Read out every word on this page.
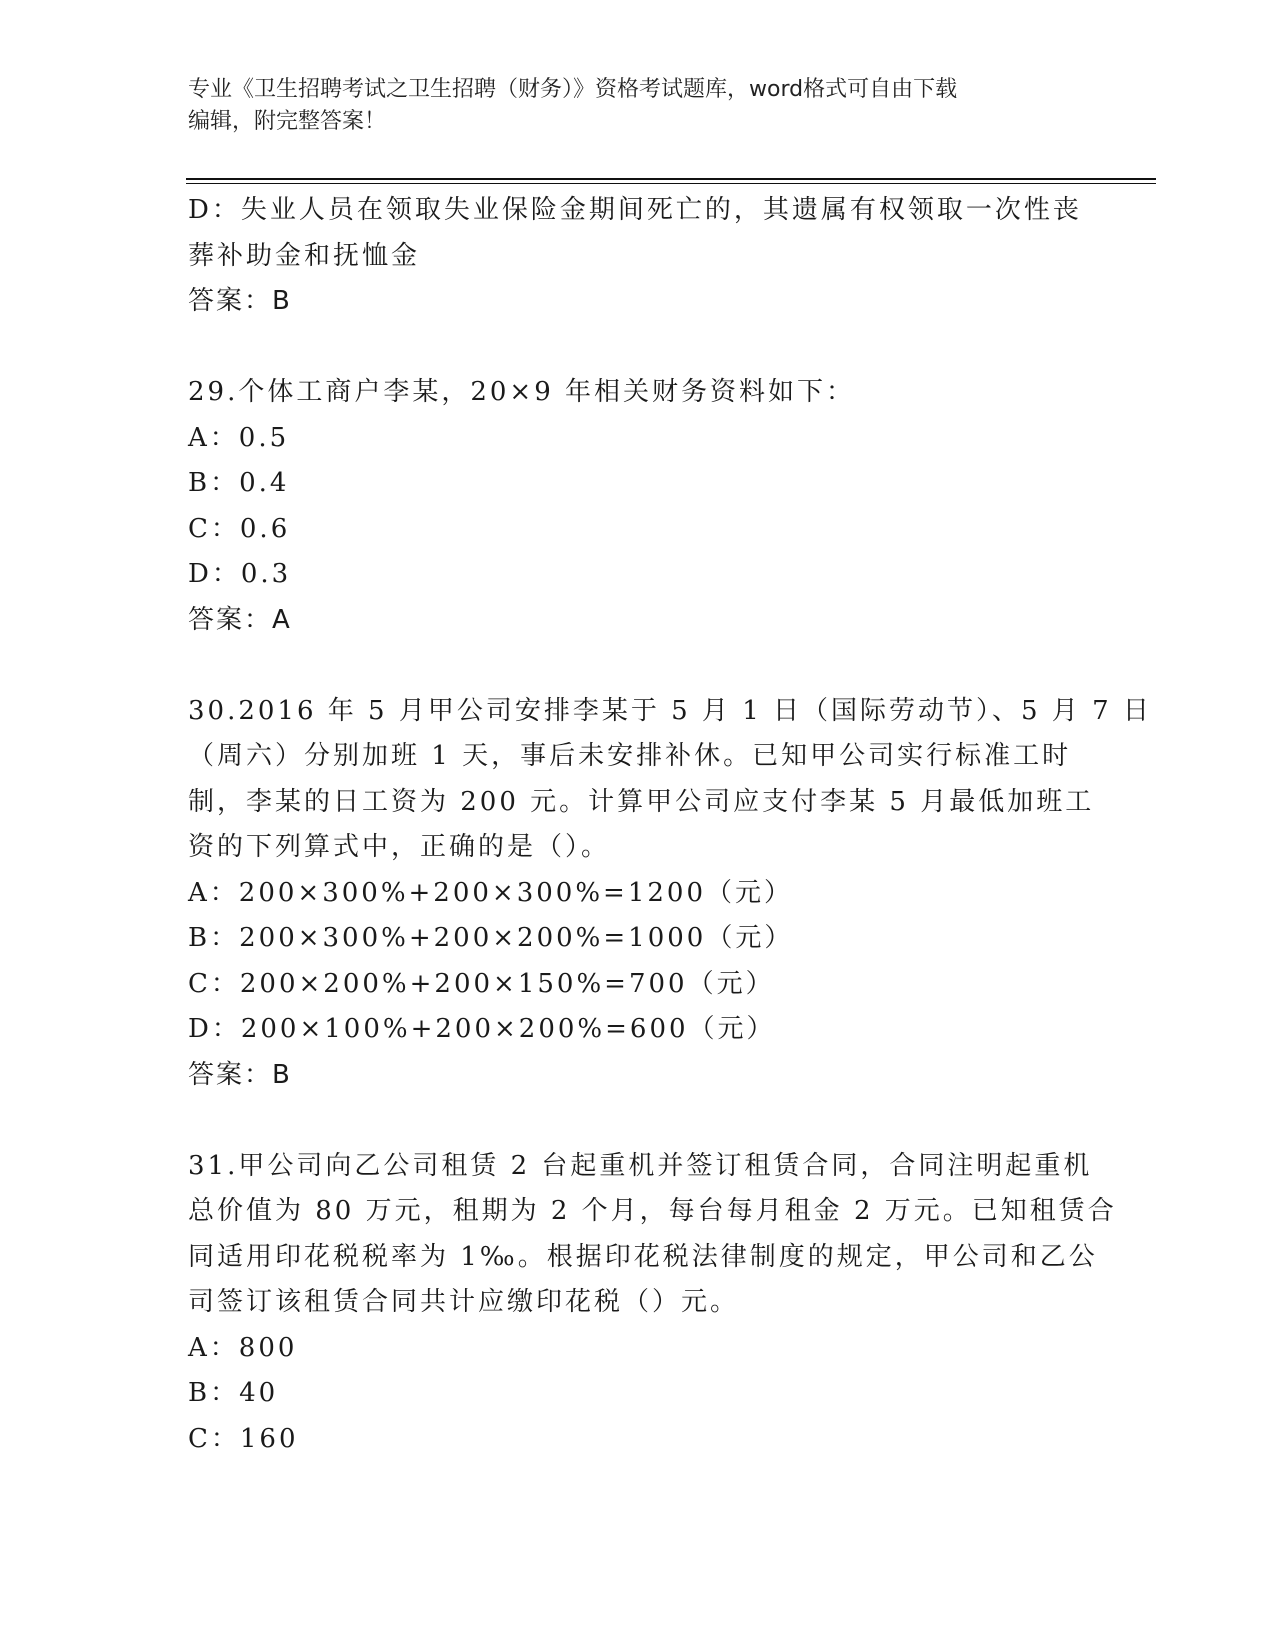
专业《卫生招聘考试之卫生招聘（财务）》资格考试题库，word格式可自由下载
编辑，附完整答案！
D：失业人员在领取失业保险金期间死亡的，其遗属有权领取一次性丧
葬补助金和抚恤金
答案：B
29.个体工商户李某，20×9 年相关财务资料如下：
A：0.5
B：0.4
C：0.6
D：0.3
答案：A
30.2016 年 5 月甲公司安排李某于 5 月 1 日（国际劳动节）、5 月 7 日
（周六）分别加班 1 天，事后未安排补休。已知甲公司实行标准工时
制，李某的日工资为 200 元。计算甲公司应支付李某 5 月最低加班工
资的下列算式中，正确的是（）。
A：200×300%+200×300%=1200（元）
B：200×300%+200×200%=1000（元）
C：200×200%+200×150%=700（元）
D：200×100%+200×200%=600（元）
答案：B
31.甲公司向乙公司租赁 2 台起重机并签订租赁合同，合同注明起重机
总价值为 80 万元，租期为 2 个月，每台每月租金 2 万元。已知租赁合
同适用印花税税率为 1‰。根据印花税法律制度的规定，甲公司和乙公
司签订该租赁合同共计应缴印花税（）元。
A：800
B：40
C：160
